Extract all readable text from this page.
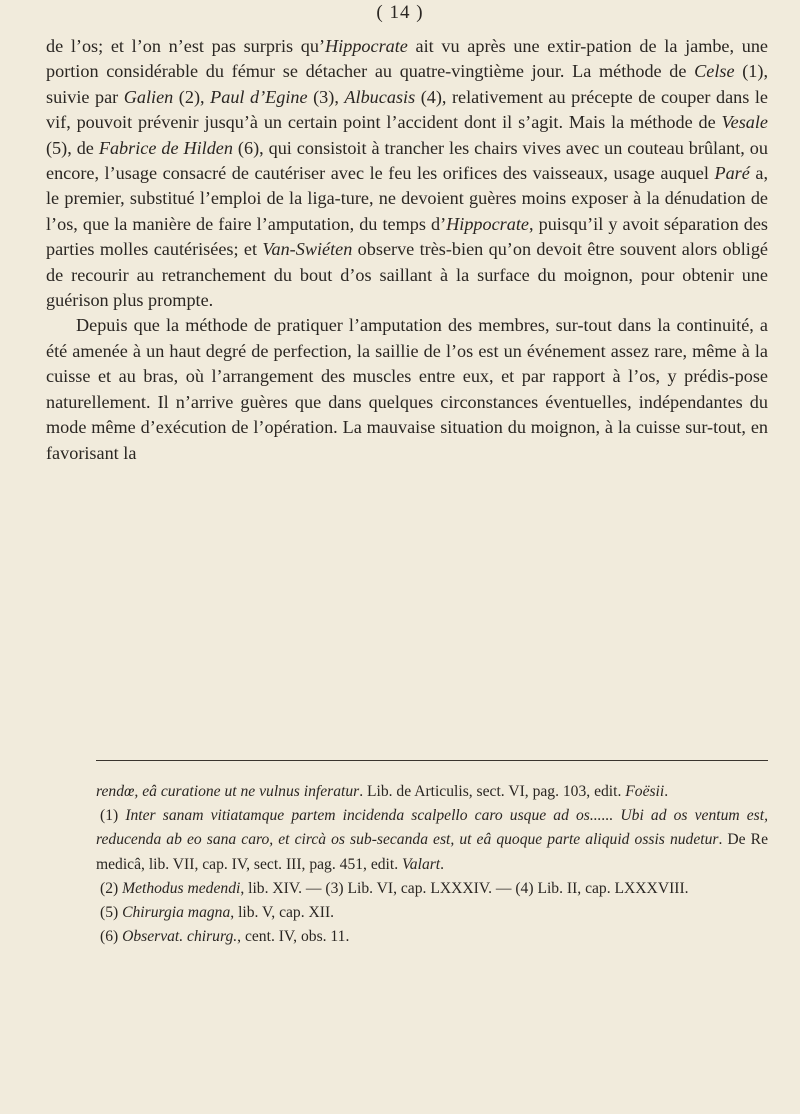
( 14 )

de l’os; et l’on n’est pas surpris qu’Hippocrate ait vu après une extir-pation de la jambe, une portion considérable du fémur se détacher au quatre-vingtième jour. La méthode de Celse (1), suivie par Galien (2), Paul d’Egine (3), Albucasis (4), relativement au précepte de couper dans le vif, pouvoit prévenir jusqu’à un certain point l’accident dont il s’agit. Mais la méthode de Vesale (5), de Fabrice de Hilden (6), qui consistoit à trancher les chairs vives avec un couteau brûlant, ou encore, l’usage consacré de cautériser avec le feu les orifices des vaisseaux, usage auquel Paré a, le premier, substitué l’emploi de la liga-ture, ne devoient guères moins exposer à la dénudation de l’os, que la manière de faire l’amputation, du temps d’Hippocrate, puisqu’il y avoit séparation des parties molles cautérisées; et Van-Swiéten observe très-bien qu’on devoit être souvent alors obligé de recourir au retranchement du bout d’os saillant à la surface du moignon, pour obtenir une guérison plus prompte.

Depuis que la méthode de pratiquer l’amputation des membres, sur-tout dans la continuité, a été amenée à un haut degré de perfection, la saillie de l’os est un événement assez rare, même à la cuisse et au bras, où l’arrangement des muscles entre eux, et par rapport à l’os, y prédis-pose naturellement. Il n’arrive guères que dans quelques circonstances éventuelles, indépendantes du mode même d’exécution de l’opération. La mauvaise situation du moignon, à la cuisse sur-tout, en favorisant la

rendœ, eâ curatione ut ne vulnus inferatur. Lib. de Articulis, sect. VI, pag. 103, edit. Foësii.

(1) Inter sanam vitiatamque partem incidenda scalpello caro usque ad os...... Ubi ad os ventum est, reducenda ab eo sana caro, et circà os sub-secanda est, ut eâ quoque parte aliquid ossis nudetur. De Re medicâ, lib. VII, cap. IV, sect. III, pag. 451, edit. Valart.

(2) Methodus medendi, lib. XIV. — (3) Lib. VI, cap. LXXXIV. — (4) Lib. II, cap. LXXXVIII.

(5) Chirurgia magna, lib. V, cap. XII.

(6) Observat. chirurg., cent. IV, obs. 11.
